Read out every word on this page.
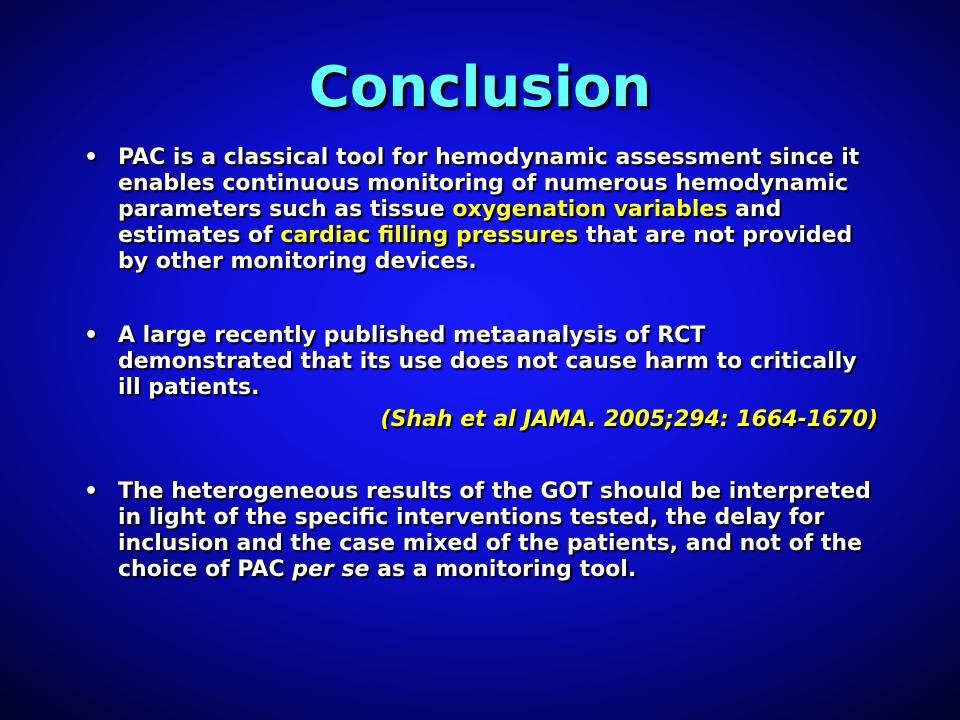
Conclusion
• PAC is a classical tool for hemodynamic assessment since it enables continuous monitoring of numerous hemodynamic parameters such as tissue oxygenation variables and estimates of cardiac filling pressures that are not provided by other monitoring devices.
• A large recently published metaanalysis of RCT demonstrated that its use does not cause harm to critically ill patients.
(Shah et al JAMA. 2005;294: 1664-1670)
• The heterogeneous results of the GOT should be interpreted in light of the specific interventions tested, the delay for inclusion and the case mixed of the patients, and not of the choice of PAC per se as a monitoring tool.
